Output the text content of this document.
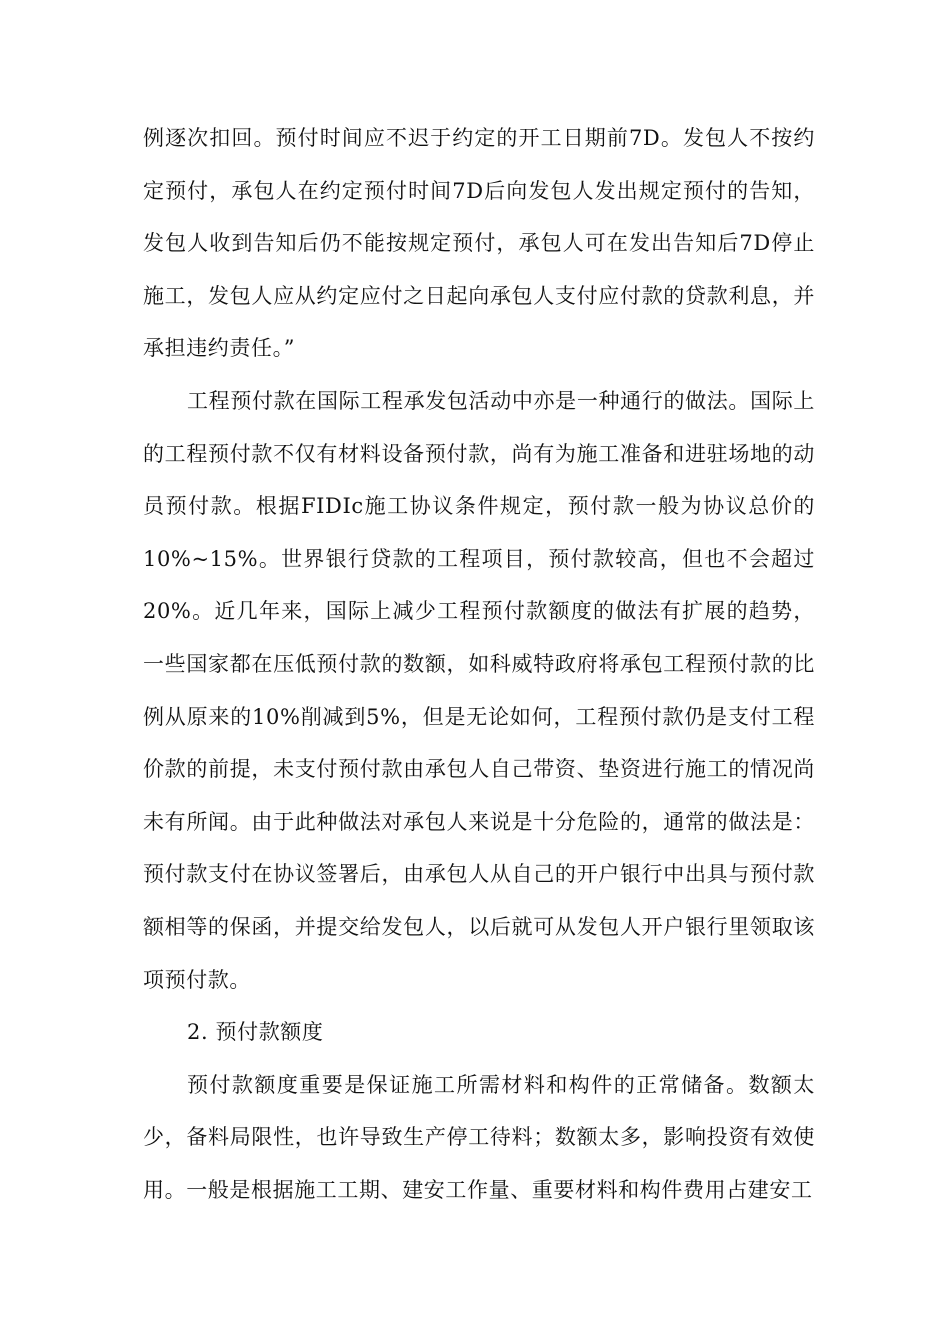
例逐次扣回。预付时间应不迟于约定的开工日期前7D。发包人不按约定预付，承包人在约定预付时间7D后向发包人发出规定预付的告知，发包人收到告知后仍不能按规定预付，承包人可在发出告知后7D停止施工，发包人应从约定应付之日起向承包人支付应付款的贷款利息，并承担违约责任。”

工程预付款在国际工程承发包活动中亦是一种通行的做法。国际上的工程预付款不仅有材料设备预付款，尚有为施工准备和进驻场地的动员预付款。根据FIDIc施工协议条件规定，预付款一般为协议总价的10%~15%。世界银行贷款的工程项目，预付款较高，但也不会超过20%。近几年来，国际上减少工程预付款额度的做法有扩展的趋势，一些国家都在压低预付款的数额，如科威特政府将承包工程预付款的比例从原来的10%削减到5%，但是无论如何，工程预付款仍是支付工程价款的前提，未支付预付款由承包人自己带资、垫资进行施工的情况尚未有所闻。由于此种做法对承包人来说是十分危险的，通常的做法是：预付款支付在协议签署后，由承包人从自己的开户银行中出具与预付款额相等的保函，并提交给发包人，以后就可从发包人开户银行里领取该项预付款。

2. 预付款额度

预付款额度重要是保证施工所需材料和构件的正常储备。数额太少，备料局限性，也许导致生产停工待料；数额太多，影响投资有效使用。一般是根据施工工期、建安工作量、重要材料和构件费用占建安工
